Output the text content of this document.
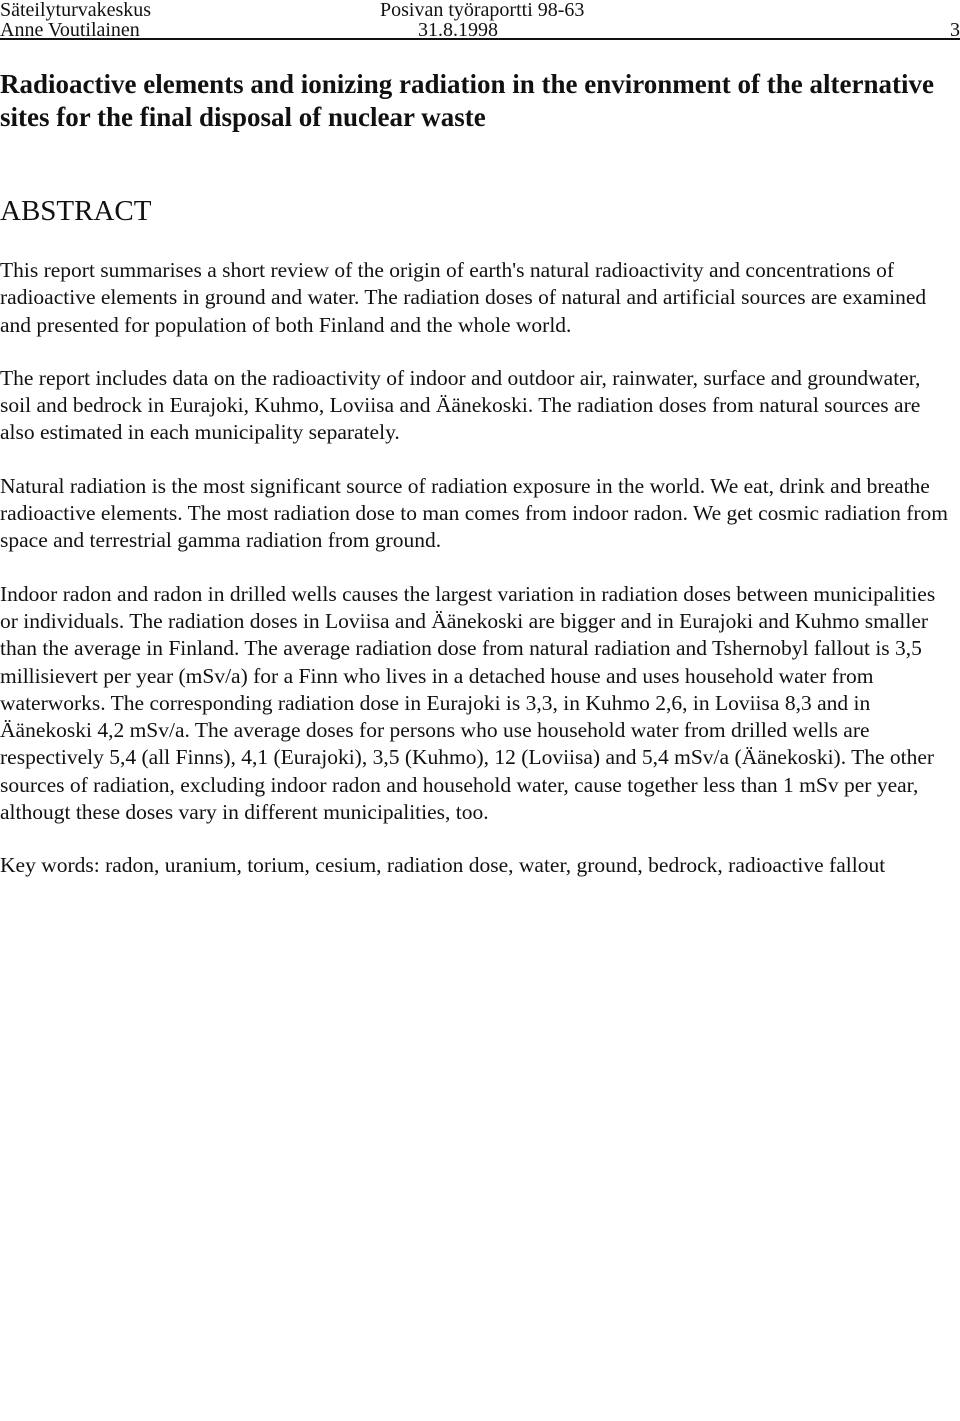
Säteilyturvakeskus	Posivan työraportti 98-63
Anne Voutilainen	31.8.1998	3
Radioactive elements and ionizing radiation in the environment of the alternative sites for the final disposal of nuclear waste
ABSTRACT

This report summarises a short review of the origin of earth's natural radioactivity and concentrations of radioactive elements in ground and water. The radiation doses of natural and artificial sources are examined and presented for population of both Finland and the whole world.

The report includes data on the radioactivity of indoor and outdoor air, rainwater, surface and groundwater, soil and bedrock in Eurajoki, Kuhmo, Loviisa and Äänekoski. The radiation doses from natural sources are also estimated in each municipality separately.

Natural radiation is the most significant source of radiation exposure in the world. We eat, drink and breathe radioactive elements. The most radiation dose to man comes from indoor radon. We get cosmic radiation from space and terrestrial gamma radiation from ground.

Indoor radon and radon in drilled wells causes the largest variation in radiation doses between municipalities or individuals. The radiation doses in Loviisa and Äänekoski are bigger and in Eurajoki and Kuhmo smaller than the average in Finland. The average radiation dose from natural radiation and Tshernobyl fallout is 3,5 millisievert per year (mSv/a) for a Finn who lives in a detached house and uses household water from waterworks. The corresponding radiation dose in Eurajoki is 3,3, in Kuhmo 2,6, in Loviisa 8,3 and in Äänekoski 4,2 mSv/a. The average doses for persons who use household water from drilled wells are respectively 5,4 (all Finns), 4,1 (Eurajoki), 3,5 (Kuhmo), 12 (Loviisa) and 5,4 mSv/a (Äänekoski). The other sources of radiation, excluding indoor radon and household water, cause together less than 1 mSv per year, althougt these doses vary in different municipalities, too.

Key words: radon, uranium, torium, cesium, radiation dose, water, ground, bedrock, radioactive fallout
